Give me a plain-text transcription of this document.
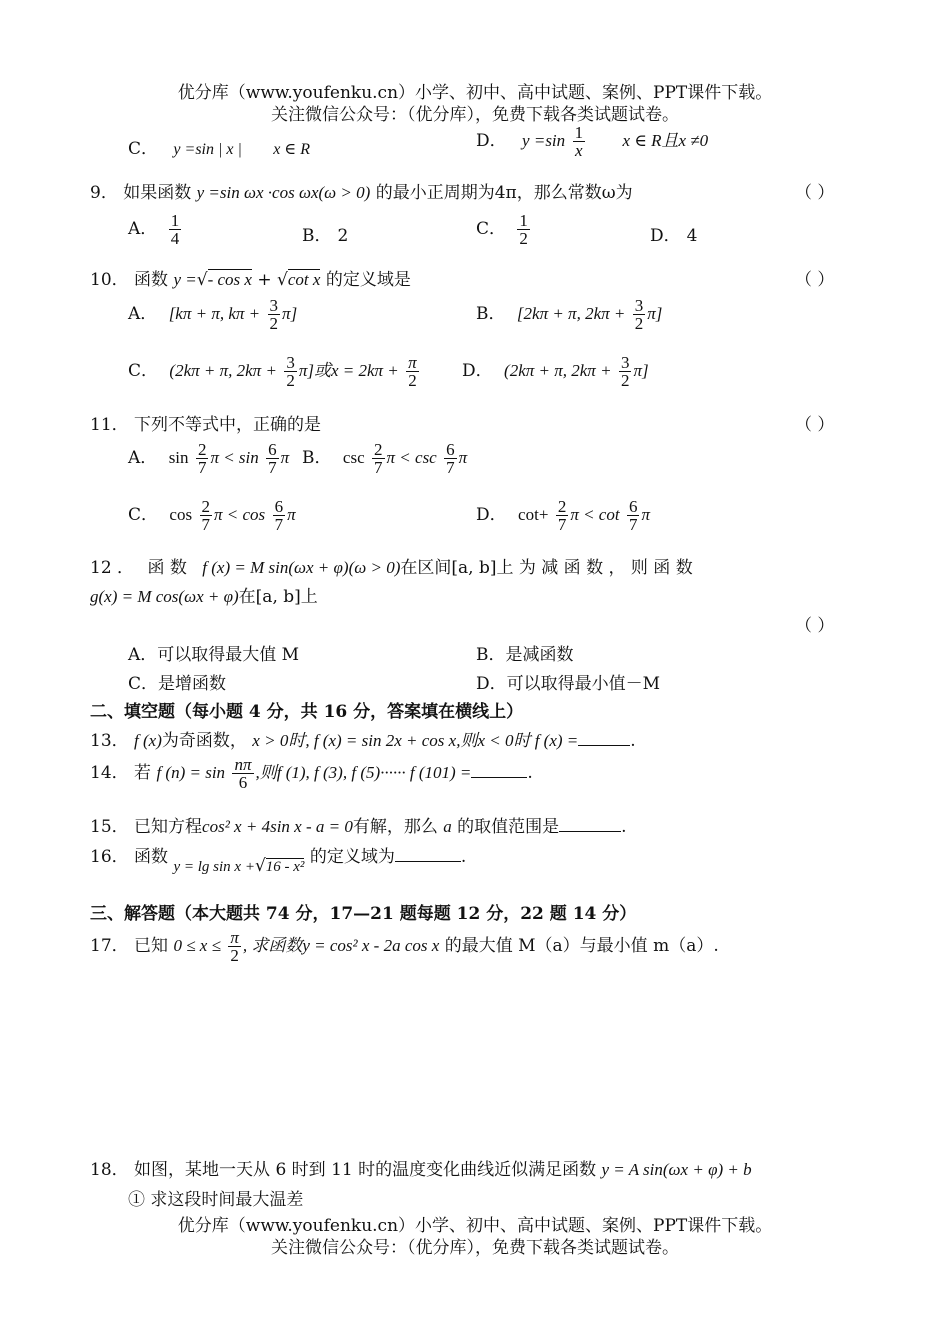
优分库（www.youfenku.cn）小学、初中、高中试题、案例、PPT课件下载。
关注微信公众号：（优分库），免费下载各类试题试卷。
C． y =sin | x | x ∈ R	D． $y =\sin \frac{1}{x}$ x ∈ R且x ≠0
9． 如果函数 y =sin ωx ·cos ωx(ω > 0) 的最小正周期为4π，那么常数ω为	（ ）
A． $\frac{1}{4}$	B． 2	C． $\frac{1}{2}$	D． 4
10． 函数 y =√- cos x + √cot x 的定义域是	（ ）
A． [kπ + π, $k\pi + \frac{3}{2} \pi$]	B． [2kπ + π, $2k\pi + \frac{3}{2} \pi$]
C． (2kπ + π, $2k\pi + \frac{3}{2} \pi$]或$x = 2k\pi + \frac{\pi}{2}$	D． (2kπ + π, $2k\pi + \frac{3}{2} \pi$]
11． 下列不等式中，正确的是	（ ）
A． $\sin \frac{2}{7}$ $\pi < \sin \frac{6}{7}$ π B． $\csc \frac{2}{7}$ $\pi < \csc \frac{6}{7}$ π
C． $\cos \frac{2}{7}$ $\pi < \cos \frac{6}{7}$ π	D． $\cot+ \frac{2}{7}$ $\pi < \cot \frac{6}{7}$ π
12 ． 函 数 f (x) = M sin(ωx + φ)(ω > 0)在区间[a, b]上 为 减 函 数 ， 则 函 数
g(x) = M cos(ωx + φ)在[a, b]上
（ ）
A．可以取得最大值 M	B．是减函数
C．是增函数	D．可以取得最小值－M
二、填空题（每小题 4 分，共 16 分，答案填在横线上）
13． f (x)为奇函数， x > 0时, f (x) = sin 2x + cos x,则x < 0时 f (x) =	.
14． 若 f $(n) = \sin \frac{n\pi}{6}$ ,则f (1), f (3), f (5)······ f (101) =	.
15． 已知方程cos² x + 4sin x - a = 0有解，那么 a 的取值范围是	.
16． 函数 y = lg sin x +√16 - x² 的定义域为	.
三、解答题（本大题共 74 分，17—21 题每题 12 分，22 题 14 分）
17． 已知 $0 \le x \le \frac{\pi}{2}$ , 求函数y = cos² x - 2a cos x 的最大值 M（a）与最小值 m（a）.
18． 如图，某地一天从 6 时到 11 时的温度变化曲线近似满足函数 y = A sin(ωx + φ) + b
① 求这段时间最大温差
优分库（www.youfenku.cn）小学、初中、高中试题、案例、PPT课件下载。
关注微信公众号：（优分库），免费下载各类试题试卷。
